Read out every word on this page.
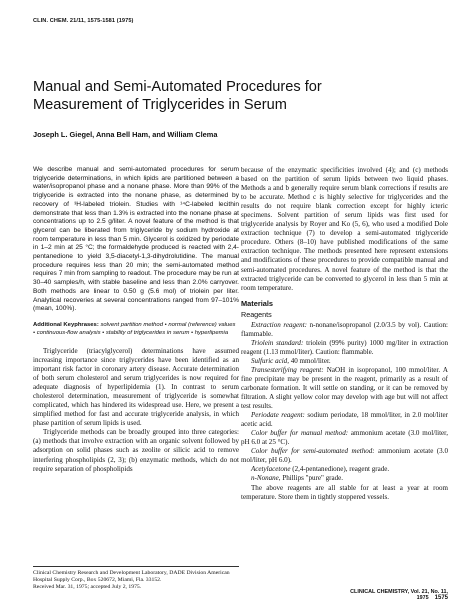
CLIN. CHEM. 21/11, 1575-1581 (1975)
Manual and Semi-Automated Procedures for Measurement of Triglycerides in Serum
Joseph L. Giegel, Anna Bell Ham, and William Clema

We describe manual and semi-automated procedures for serum triglyceride determinations, in which lipids are partitioned between a water/isopropanol phase and a nonane phase. More than 99% of the triglyceride is extracted into the nonane phase, as determined by recovery of ³H-labeled triolein. Studies with ¹⁴C-labeled lecithin demonstrate that less than 1.3% is extracted into the nonane phase at concentrations up to 2.5 g/liter. A novel feature of the method is that glycerol can be liberated from triglyceride by sodium hydroxide at room temperature in less than 5 min. Glycerol is oxidized by periodate in 1–2 min at 25 °C; the formaldehyde produced is reacted with 2,4-pentanedione to yield 3,5-diacetyl-1,3-dihydrolutidine. The manual procedure requires less than 20 min; the semi-automated method requires 7 min from sampling to readout. The procedure may be run at 30–40 samples/h, with stable baseline and less than 2.0% carryover. Both methods are linear to 0.50 g (5.6 mol) of triolein per liter. Analytical recoveries at several concentrations ranged from 97–101% (mean, 100%).

Additional Keyphrases: solvent partition method • normal (reference) values • continuous-flow analysis • stability of triglycerides in serum • hyperlipemia

Triglyceride (triacylglycerol) determinations have assumed increasing importance since triglycerides have been identified as an important risk factor in coronary artery disease. Accurate determination of both serum cholesterol and serum triglycerides is now required for adequate diagnosis of hyperlipidemia (1). In contrast to serum cholesterol determination, measurement of triglyceride is somewhat complicated, which has hindered its widespread use. Here, we present a simplified method for fast and accurate triglyceride analysis, in which phase partition of serum lipids is used.

Triglyceride methods can be broadly grouped into three categories: (a) methods that involve extraction with an organic solvent followed by adsorption on solid phases such as zeolite or silicic acid to remove interfering phospholipids (2, 3); (b) enzymatic methods, which do not require separation of phospholipids

Clinical Chemistry Research and Development Laboratory, DADE Division American Hospital Supply Corp., Box 520672, Miami, Fla. 33152.
Received Mar. 31, 1975; accepted July 2, 1975.

because of the enzymatic specificities involved (4); and (c) methods based on the partition of serum lipids between two liquid phases. Methods a and b generally require serum blank corrections if results are to be accurate. Method c is highly selective for triglycerides and the results do not require blank correction except for highly icteric specimens. Solvent partition of serum lipids was first used for triglyceride analysis by Royer and Ko (5, 6), who used a modified Dole extraction technique (7) to develop a semi-automated triglyceride procedure. Others (8–10) have published modifications of the same extraction technique. The methods presented here represent extensions and modifications of these procedures to provide compatible manual and semi-automated procedures. A novel feature of the method is that the extracted triglyceride can be converted to glycerol in less than 5 min at room temperature.

Materials
Reagents

Extraction reagent: n-nonane/isopropanol (2.0/3.5 by vol). Caution: flammable.

Triolein standard: triolein (99% purity) 1000 mg/liter in extraction reagent (1.13 mmol/liter). Caution: flammable.

Sulfuric acid, 40 mmol/liter.

Transesterifying reagent: NaOH in isopropanol, 100 mmol/liter. A fine precipitate may be present in the reagent, primarily as a result of carbonate formation. It will settle on standing, or it can be removed by filtration. A slight yellow color may develop with age but will not affect test results.

Periodate reagent: sodium periodate, 18 mmol/liter, in 2.0 mol/liter acetic acid.

Color buffer for manual method: ammonium acetate (3.0 mol/liter, pH 6.0 at 25 °C).

Color buffer for semi-automated method: ammonium acetate (3.0 mol/liter, pH 6.0).

Acetylacetone (2,4-pentanedione), reagent grade.

n-Nonane, Phillips "pure" grade.

The above reagents are all stable for at least a year at room temperature. Store them in tightly stoppered vessels.

CLINICAL CHEMISTRY, Vol. 21, No. 11, 1975 1575
